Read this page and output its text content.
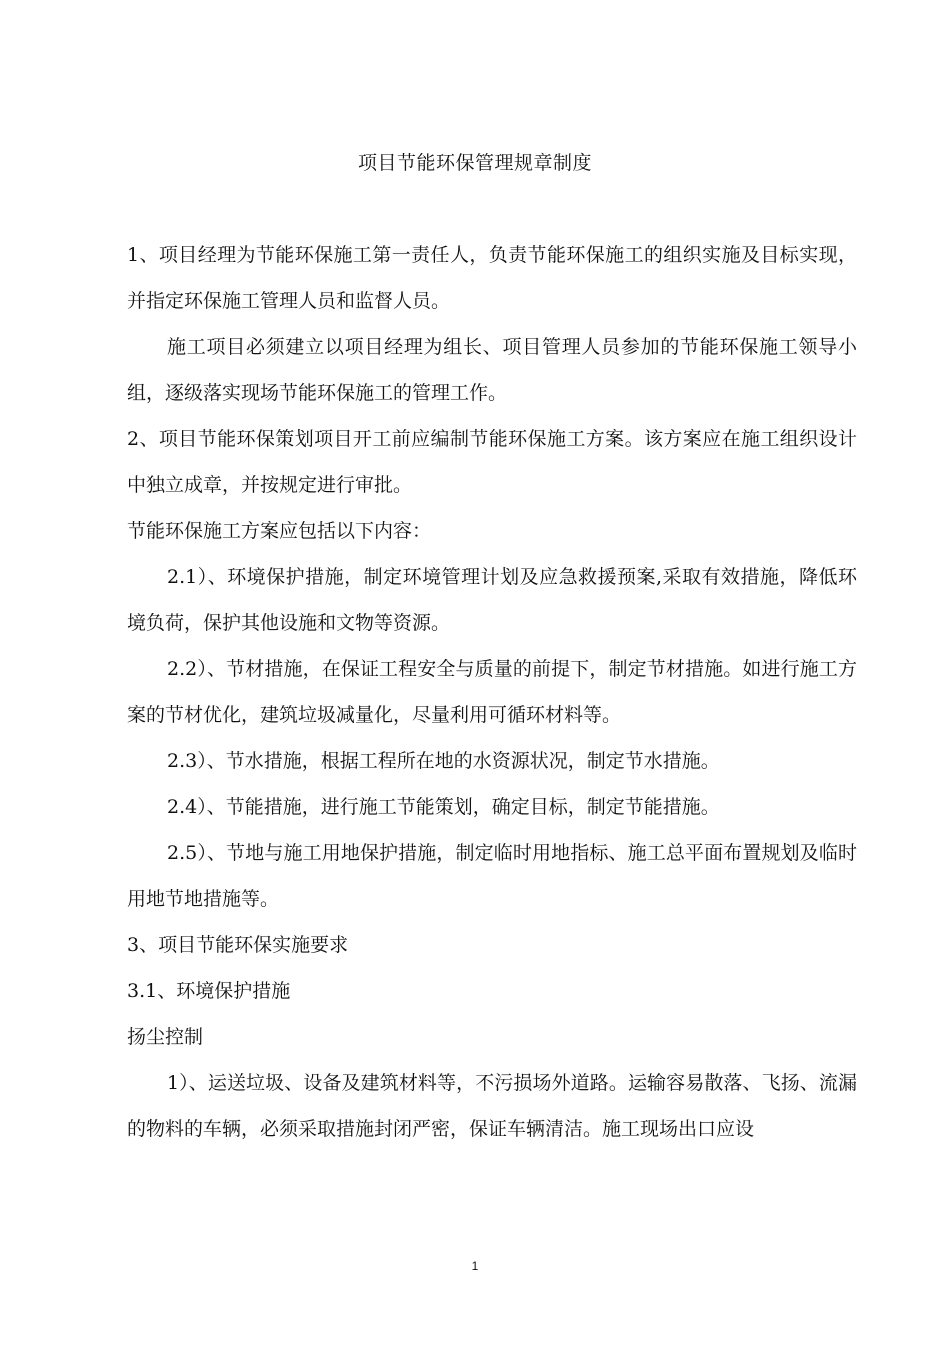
项目节能环保管理规章制度

1、项目经理为节能环保施工第一责任人，负责节能环保施工的组织实施及目标实现，并指定环保施工管理人员和监督人员。

施工项目必须建立以项目经理为组长、项目管理人员参加的节能环保施工领导小组，逐级落实现场节能环保施工的管理工作。

2、项目节能环保策划项目开工前应编制节能环保施工方案。该方案应在施工组织设计中独立成章，并按规定进行审批。

节能环保施工方案应包括以下内容：

2.1）、环境保护措施，制定环境管理计划及应急救援预案,采取有效措施，降低环境负荷，保护其他设施和文物等资源。

2.2）、节材措施，在保证工程安全与质量的前提下，制定节材措施。如进行施工方案的节材优化，建筑垃圾减量化，尽量利用可循环材料等。

2.3）、节水措施，根据工程所在地的水资源状况，制定节水措施。

2.4）、节能措施，进行施工节能策划，确定目标，制定节能措施。

2.5）、节地与施工用地保护措施，制定临时用地指标、施工总平面布置规划及临时用地节地措施等。

3、项目节能环保实施要求

3.1、环境保护措施

扬尘控制

1）、运送垃圾、设备及建筑材料等，不污损场外道路。运输容易散落、飞扬、流漏的物料的车辆，必须采取措施封闭严密，保证车辆清洁。施工现场出口应设

1
